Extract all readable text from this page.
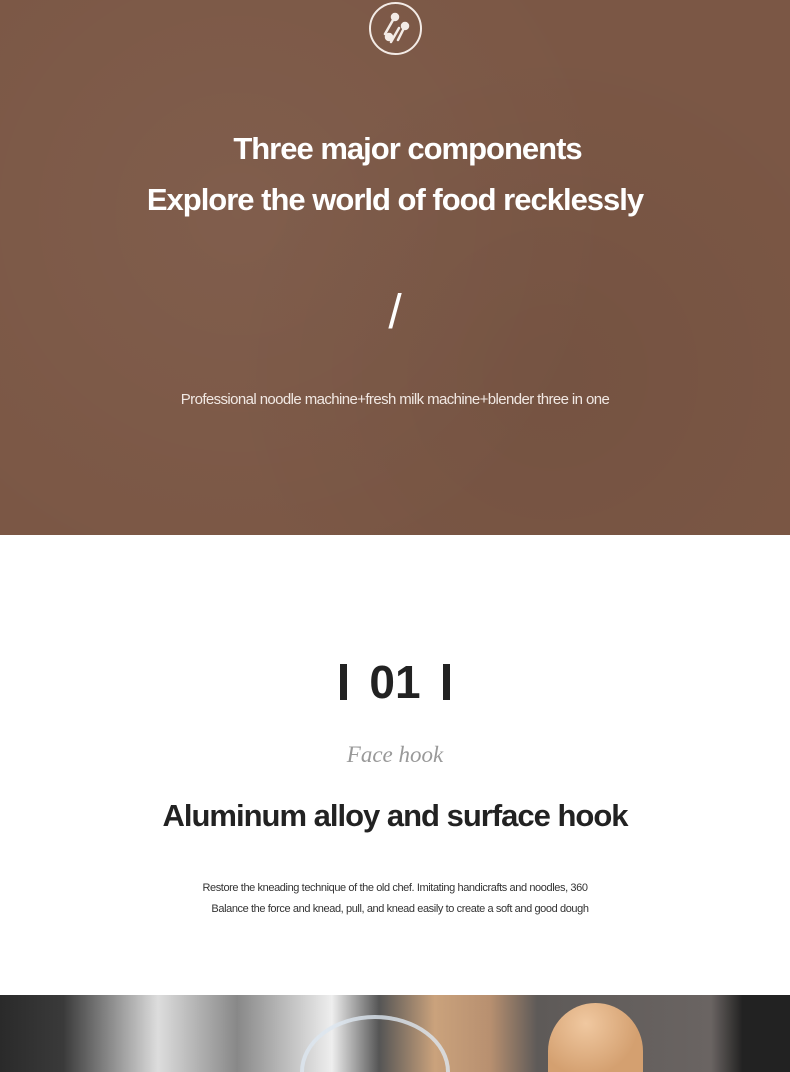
Three major components
Explore the world of food recklessly
/
Professional noodle machine+fresh milk machine+blender three in one
01
Face hook
Aluminum alloy and surface hook
Restore the kneading technique of the old chef. Imitating handicrafts and noodles, 360
Balance the force and knead, pull, and knead easily to create a soft and good dough
